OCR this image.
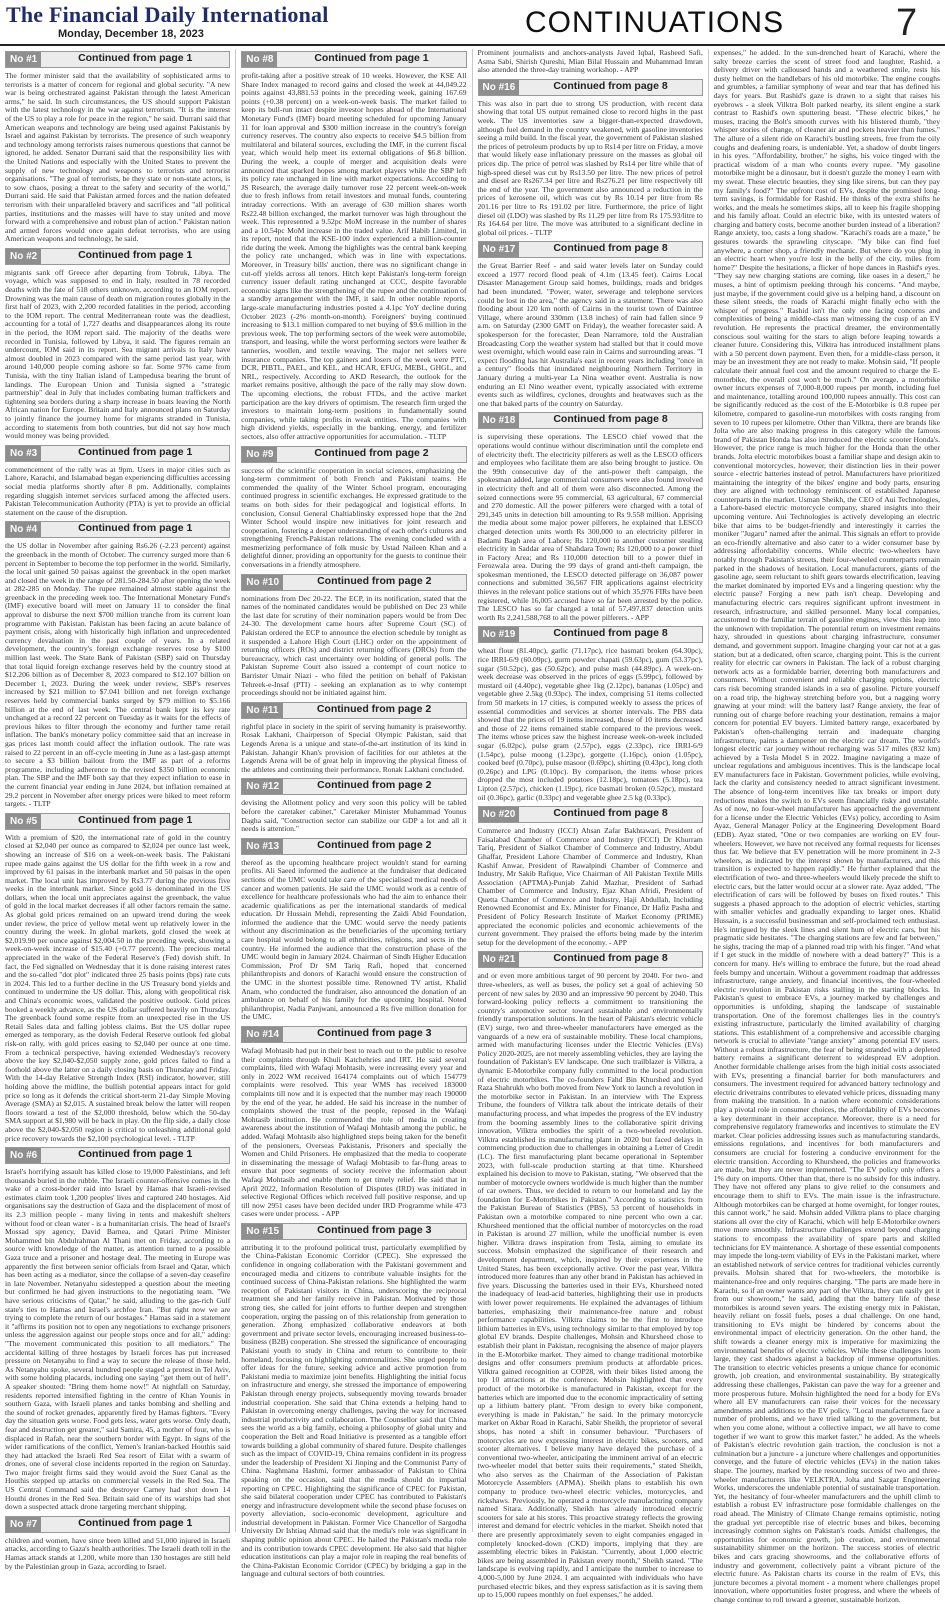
The Financial Daily International
Monday, December 18, 2023	CONTINUATIONS	7
No #1	Continued from page 1

The former minister said that the availability of sophisticated arms to terrorists is a matter of concern for regional and global security. "A new war is being orchestrated against Pakistan through the latest American arms," he said. In such circumstances, the US should support Pakistan with the latest technology in the war against terrorism. "It is the interest of the US to play a role for peace in the region," he said. Durrani said that American weapons and technology are being used against Pakistanis by Israel and against Pakistan by terrorists. The presence of such weaponry and technology among terrorists raises numerous questions that cannot be ignored, he added. Senator Durrani said that the responsibility lies with the United Nations and especially with the United States to prevent the supply of new technology and weapons to terrorists and terrorist organisations. "The goal of terrorists, be they state or non-state actors, is to sow chaos, posing a threat to the safety and security of the world," Durrani said. He said that Pakistan armed forces and the nation defeated terrorism with their unparalleled bravery and sacrifices and "all political parties, institutions and the masses will have to stay united and move forward with a comprehensive and robust plan of action." Pakistan nation and armed forces would once again defeat terrorists, who are using American weapons and technology, he said.

No #2	Continued from page 1

migrants sank off Greece after departing from Tobruk, Libya. The voyage, which was supposed to end in Italy, resulted in 78 recorded deaths with the fate of 518 others unknown, according to an IOM report. Drowning was the main cause of death on migration routes globally in the first half of 2023, with 2,200 recorded fatalities in the period, according to the IOM report. The central Mediterranean route was the deadliest, accounting for a total of 1,727 deaths and disappearances along its route in the period, the IOM report said. The majority of the deaths were recorded in Tunisia, followed by Libya, it said. The figures remain an undercount, IOM said in its report. Sea migrant arrivals to Italy have almost doubled in 2023 compared with the same period last year, with around 140,000 people coming ashore so far. Some 97% came from Tunisia, with the tiny Italian island of Lampedusa bearing the brunt of landings. The European Union and Tunisia signed a "strategic partnership" deal in July that includes combating human traffickers and tightening sea borders during a sharp increase in boats leaving the North African nation for Europe. Britain and Italy announced plans on Saturday to jointly finance the journey home for migrants stranded in Tunisia, according to statements from both countries, but did not say how much would money was being provided.

No #3	Continued from page 1

commencement of the rally was at 9pm. Users in major cities such as Lahore, Karachi, and Islamabad began experiencing difficulties accessing social media platforms shortly after 8 pm. Additionally, complaints regarding sluggish internet services surfaced among the affected users. Pakistan Telecommunication Authority (PTA) is yet to provide an official statement on the cause of the disruption.

No #4	Continued from page 1

the US dollar in November after gaining Rs6.26 (-2.23 percent) against the greenback in the month of October. The currency surged more than 6 percent in September to become the top performer in the world. Similarly, the local unit gained 50 paisas against the greenback in the open market and closed the week in the range of 281.50-284.50 after opening the week at 282-285 on Monday. The rupee remained almost stable against the greenback in the preceding week too. The International Monetary Fund's (IMF) executive board will meet on January 11 to consider the final approval to disburse the next $700 million tranche from its current loan programme with Pakistan. Pakistan has been facing an acute balance of payment crisis, along with historically high inflation and unprecedented currency devaluation in the past couple of years. In a related development, the country's foreign exchange reserves rose by $100 million last week. The State Bank of Pakistan (SBP) said on Thursday that total liquid foreign exchange reserves held by the country stood at $12.206 billion as of December 8, 2023 compared to $12.107 billion on December 1, 2023. During the week under review, SBP's reserves increased by $21 million to $7.041 billion and net foreign exchange reserves held by commercial banks surged by $79 million to $5.166 billion at the end of last week. The central bank kept its key rate unchanged at a record 22 percent on Tuesday as it waits for the effects of previous hikes to filter through the economy and further tame retail inflation. The bank's monetary policy committee said that an increase in gas prices last month could affect the inflation outlook. The rate was raised to 22 percent in an off-cycle meeting in June as a last-gasp attempt to secure a $3 billion bailout from the IMF as part of a reforms programme, including adherence to the revised $350 billion economic plan. The SBP and the IMF both say that they expect inflation to ease in the current financial year ending in June 2024, but inflation remained at 29.2 percent in November after energy prices were hiked to meet reform targets. - TLTP

No #5	Continued from page 1

With a premium of $20, the international rate of gold in the country closed at $2,040 per ounce as compared to $2,024 per ounce last week, showing an increase of $16 on a week-on-week basis. The Pakistani rupee made gains against the US dollar for the fifth week in a row and improved by 61 paisas in the interbank market and 50 paisas in the open market. The local unit has improved by Rs3.77 during the previous five weeks in the interbank market. Since gold is denominated in the US dollars, when the local unit appreciates against the greenback, the value of gold in the local market decreases if all other factors remain the same. As global gold prices remained on an upward trend during the week under review, the price of yellow metal went up relatively lower in the country during the week. In global markets, gold closed the week at $2,019.90 per ounce against $2,004.50 in the preceding week, showing a week-on-week increase of $15.40 (+0.77 percent). The precious metal appreciated in the wake of the Federal Reserve's (Fed) dovish shift. In fact, the Fed signalled on Wednesday that it is done raising interest rates and the so-called "dot plot" indicated three 25 basis points (bps) rate cuts in 2024. This led to a further decline in the US Treasury bond yields and continued to undermine the US dollar. This, along with geopolitical risk and China's economic woes, validated the positive outlook. Gold prices booked a weekly advance, as the US dollar suffered heavily on Thursday. The greenback found some respite from an unexpected rise in the US Retail Sales data and falling jobless claims. But the US dollar rupee emerged as temporary, as the dovish Federal Reserve outlook fed global risk-on rally, with gold prices easing to $2,040 per ounce at one time. From a technical perspective, having extended Wednesday's recovery above the key $2,040-$2,050 supply zone, gold prices failed to find a foothold above the latter on a daily closing basis on Thursday and Friday. With the 14-day Relative Strength Index (RSI) indicator, however, still holding above the midline, the bullish potential appears intact for gold price so long as it defends the critical short-term 21-day Simple Moving Average (SMA) at $2,015. A sustained break below the latter will reopen floors toward a test of the $2,000 threshold, below which the 50-day SMA support at $1,980 will be back in play. On the flip side, a daily close above the $2,040-$2,050 region is critical to unleashing additional gold price recovery towards the $2,100 psychological level. - TLTP

No #6	Continued from page 1

Israel's horrifying assault has killed close to 19,000 Palestinians, and left thousands buried in the rubble. The Israeli counter-offensive comes in the wake of a cross-border raid into Israel by Hamas that Israeli-revised estimates claim took 1,200 peoples' lives and captured 240 hostages. Aid organisations say the destruction of Gaza and the displacement of most of its 2.3 million people - many living in tents and makeshift shelters without food or clean water - is a humanitarian crisis. The head of Israel's Mossad spy agency, David Barnea, and Qatari Prime Minister Mohammed bin Abdulrahman Al Thani met on Friday, according to a source with knowledge of the matter, as attention turned to a possible Gaza truce and a prisoner and hostage deal. The meeting in Europe was apparently the first between senior officials from Israel and Qatar, which has been acting as a mediator, since the collapse of a seven-day ceasefire in late November. Netanyahu sidestepped a question about the meeting but confirmed he had given instructions to the negotiating team. "We have serious criticisms of Qatar," he said, alluding to the gas-rich Gulf state's ties to Hamas and Israel's archfoe Iran. "But right now we are trying to complete the return of our hostages." Hamas said in a statement it "affirms its position not to open any negotiations to exchange prisoners unless the aggression against our people stops once and for all," adding: "The movement communicated this position to all mediators." The accidental killing of three hostages by Israeli forces has put increased pressure on Netanyahu to find a way to secure the release of those held. As Netanyahu spoke, several hundred people staged a protest in Tel Aviv, with some holding placards, including one saying "get them out of hell". A speaker shouted: "Bring them home now!" At nightfall on Saturday, residents reported intensified fighting in the centre of Khan Younis in southern Gaza, with Israeli planes and tanks bombing and shelling and the sound of rocket grenades, apparently fired by Hamas fighters. "Every day the situation gets worse. Food gets less, water gets worse. Only death, fear and destruction get greater," said Samira, 45, a mother of four, who is displaced in Rafah, near the southern border with Egypt. In signs of the wider ramifications of the conflict, Yemen's Iranian-backed Houthis said they had attacked the Israeli Red Sea resort of Eilat with a swarm of drones, one of several close incidents reported in the region on Saturday. Two major freight firms said they would avoid the Suez Canal as the Houthis stepped up attacks on commercial vessels in the Red Sea. The US Central Command said the destroyer Carney had shot down 14 Houthi drones in the Red Sea. Britain said one of its warships had shot down a suspected attack drone targeting merchant shipping.

No #7	Continued from page 1

children and women, have since been killed and 51,000 injured in Israeli attacks, according to Gaza's health authorities. The Israeli death toll in the Hamas attack stands at 1,200, while more than 130 hostages are still held by the Palestinian group in Gaza, according to Israel.

No #8	Continued from page 1

profit-taking after a positive streak of 10 weeks. However, the KSE All Share Index managed to record gains and closed the week at 44,049.22 points against 43,881.53 points in the preceding week, gaining 167.69 points (+0.38 percent) on a week-on-week basis. The market failed to keep its bull-run intact despite investor hopes ahead of the International Monetary Fund's (IMF) board meeting scheduled for upcoming January 11 for loan approval and $300 million increase in the country's foreign currency reserves. The country also expects to receive $4.5 billion from multilateral and bilateral sources, excluding the IMF, in the current fiscal year, which would help meet its external obligations of $6.8 billion. During the week, a couple of merger and acquisition deals were announced that sparked hopes among market players while the SBP left its policy rate unchanged in line with market expectations. According to JS Research, the average daily turnover rose 22 percent week-on-week due to fresh inflows from retail investors and mutual funds, countering intraday corrections. With an average of 630 million shares worth Rs22.48 billion exchanged, the market turnover was high throughout the week. This represented a 9.52pc MoM increase in the number of shares and a 10.54pc MoM increase in the traded value. Arif Habib Limited, in its report, noted that the KSE-100 index experienced a million-counter ride during the week. Among the highlights was the central bank keeping the policy rate unchanged, which was in line with expectations. Moreover, in Treasury bills' auction, there was no significant change in cut-off yields across all tenors. Hitch kept Pakistan's long-term foreign currency issuer default rating unchanged at CCC, despite favorable economic signs like the strengthening of the rupee and the continuation of a standby arrangement with the IMF, it said. In other notable reports, large-scale manufacturing industries posted a 4.1pc YoY decline during October 2023 (-2% month-on-month). Foreigners' buying continued increasing to $13.1 million compared to net buying of $9.6 million in the previous week. The top performing sectors of the week were automobile, transport, and leasing, while the worst performing sectors were leather & tanneries, woollen, and textile weaving. The major net sellers were insurance companies. The top gainers and losers of the week were PTC, DCR, PIBTL, PAEL, and KEL, and HCAR, EFUG, MEBL, GHGL, and NRL, respectively. According to AKD Research, the outlook for the market remains positive, although the pace of the rally may slow down. The upcoming elections, the robust FTDs, and the active market participation are the key drivers of optimism. The research firm urged the investors to maintain long-term positions in fundamentally sound companies, while taking profits in weak entities. The companies with high dividend yields, especially in the banking, energy, and fertilizer sectors, also offer attractive opportunities for accumulation. - TLTP

No #9	Continued from page 2

success of the scientific cooperation in social sciences, emphasizing the long-term commitment of both French and Pakistani teams. He commended the quality of the Winter School program, encouraging continued progress in scientific exchanges. He expressed gratitude to the teams on both sides for their pedagogical and logistical efforts. In conclusion, Consul General Chaltiablinsky expressed hope that the 2nd Winter School would inspire new initiatives for joint research and cooperation, fostering a deeper understanding of each other's cultures and strengthening French-Pakistan relations. The evening concluded with a mesmerizing performance of folk music by Ustad Naileen Khan and a delightful dinner, providing an opportunity for the guests to continue their conversations in a friendly atmosphere.

No #10	Continued from page 2

nominations from Dec 20-22. The ECP, in its notification, stated that the names of the nominated candidates would be published on Dec 23 while the last date for scrutiny of their nomination papers would be from Dec 24-30. The development came hours after Supreme Court (SC) of Pakistan ordered the ECP to announce the election schedule by tonight as it suspended a Lahore High Court (LHC) order on the appointment of returning officers (ROs) and district returning officers (DROs) from the bureaucracy, which cast uncertainty over holding of general polls. The Pakistan Supreme Court also issued a contempt of court notice to Barrister Umair Niazi - who filed the petition on behalf of Pakistan Tehreek-e-Insaf (PTI) - seeking an explanation as to why contempt proceedings should not be initiated against him.

No #11	Continued from page 2

rightful place in society in the spirit of serving humanity is praiseworthy. Rosak Lakhani, Chairperson of Special Olympic Pakistan, said that Legends Arena is a unique and state-of-the-art institution of its kind in Pakistan. Jahangir Khan's provision of facilities for our athletes at the Legends Arena will be of great help in improving the physical fitness of the athletes and continuing their performance, Ronak Lakhani concluded.

No #12	Continued from page 2

devising the Allotment policy and very soon this policy will be tabled before the caretaker cabinet," Caretaker Minister Muhammad Younus Dagha said, "Construction sector can stabilize our GDP a lot and all it needs is attention."

No #13	Continued from page 2

thereof as the upcoming healthcare project wouldn't stand for earning profits. Ali Saeed informed the audience at the fundraiser that dedicated sections of the UMC would take care of the specialised medical needs of cancer and women patients. He said the UMC would work as a centre of excellence for healthcare professionals who had the aim to enhance their academic qualifications as per the international standards of medical education. Dr Hussain Mehdi, representing the Zaidi Abid Foundation, informed the audience that the UMC would serve the needy patients without any discrimination as the beneficiaries of the upcoming tertiary care hospital would belong to all ethnicities, religions, and sects in the country. He informed the audience that the construction phase of the UMC would begin in January 2024. Chairman of Sindh Higher Education Commission, Prof Dr SM Tariq Rafi, hoped that concerned philanthropists and donors of Karachi would ensure the construction of the UMC in the shortest possible time. Renowned TV artist, Khalid Anam, who conducted the fundraiser, also announced the donation of an ambulance on behalf of his family for the upcoming hospital. Noted philanthropist, Nadia Panjwani, announced a Rs five million donation for the UMC.

No #14	Continued from page 3

Wafaqi Mohtasib had put in their best to reach out to the public to resolve their complaints through Khuli Katchehries and IRT. He said several complaints, filed with Wafaqi Mohtasib, were increasing every year and only in 2022 WM received 164174 complaints out of which 154779 complaints were resolved. This year WMS has received 183000 complaints till now and it is expected that the number may reach 190000 by the end of the year, he added. He said his increase in the number of complaints showed the trust of the people, reposed in the Wafaqi Mohtasib institution. He commended the role of media in creating awareness about the institution of Wafaqi Mohtasib among the public, he added. Wafaqi Mohtasib also highlighted steps being taken for the benefit of the pensioners, Overseas Pakistanis, Prisoners and specially the Women and Child Prisoners. He emphasized that the media to cooperate in disseminating the message of Wafaqi Mohtasib to far-flung areas to ensure that poor segments of society receive the information about Wafaqi Mohtasib and enable them to get timely relief. He said that in April 2022, Information Resolution of Disputes (IRD) was initiated in selective Regional Offices which received full positive response, and up till now 2951 cases have been decided under IRD Programme while 473 cases were under process. - APP

No #15	Continued from page 3

attributing it to the profound political trust, particularly exemplified by the China-Pakistan Economic Corridor (CPEC). She expressed the confidence in ongoing collaboration with the Pakistani government and encouraged media and citizens to contribute valuable insights for the continued success of China-Pakistan relations. She highlighted the warm reception of Pakistani visitors in China, underscoring the reciprocal treatment she and her family receive in Pakistan. Motivated by those strong ties, she called for joint efforts to further deepen and strengthen cooperation, urging the passing on of this relationship from generation to generation. Zhong emphasized collaborative endeavors at both government and private sector levels, encouraging increased business-to-business (B2B) cooperation. She stressed the significance of encouraging Pakistani youth to study in China and return to contribute to their homeland, focusing on highlighting commonalities. She urged people to offer ideas for the future, seeking advice and active promotion from Pakistani media to maximize joint benefits. Highlighting the initial focus on infrastructure and energy, she stressed the importance of empowering Pakistan through energy projects, subsequently moving towards broader industrial cooperation. She said that China extends a helping hand to Pakistan in overcoming energy challenges, paving the way for increased industrial productivity and collaboration. The Counsellor said that China sees the world as a big family, echoing a philosophy of global unity and cooperation the Belt and Road Initiative is presented as a tangible effort towards building a global community of shared future. Despite challenges such as the impact of COVID-19, China remains confident in its progress under the leadership of President Xi Jinping and the Communist Party of China. Naghmana Hashmi, former ambassador of Pakistan to China speaking on the occasion, said that the media should do impartial reporting on CPEC. Highlighting the significance of CPEC for Pakistan, she said bilateral cooperation under CPEC has contributed to Pakistan's energy and infrastructure development while the second phase focuses on poverty alleviation, socio-economic development, agriculture and industrial development in Pakistan. Former Vice Chancellor of Sargodha University Dr Ishtiaq Ahmad said that the media's role was significant in shaping public opinion about CPEC. He hailed the Pakistan's media role and its contribution towards CPEC development. He also said that higher education institutions can play a major role in reaping the real benefits of the China-Pakistan Economic Corridor (CPEC) by bridging a gap in the language and cultural sectors of both countries.

Prominent journalists and anchors-analysts Javed Iqbal, Rasheed Safi, Asma Sabi, Shirish Qureshi, Mian Bilal Hussain and Muhammad Imran also attended the three-day training workshop. - APP

No #16	Continued from page 8

This was also in part due to strong US production, with recent data showing that total US output remained close to record highs in the past week. The US inventories saw a bigger-than-expected drawdown, although fuel demand in the country weakened, with gasoline inventories seeing a mild build. In the fiscal year, the government of Pakistan slashed the prices of petroleum products by up to Rs14 per litre on Friday, a move that would likely ease inflationary pressure on the masses as global oil prices dip. The price of petrol was slashed by Rs14 per litre while that of high-speed diesel was cut by Rs13.50 per litre. The new prices of petrol and diesel are Rs267.34 per litre and Rs276.21 per litre respectively till the end of the year. The government also announced a reduction in the prices of kerosene oil, which was cut by Rs 10.14 per litre from Rs 201.16 per litre to Rs 191.02 per litre. Furthermore, the price of light diesel oil (LDO) was slashed by Rs 11.29 per litre from Rs 175.93/litre to Rs 164.64 per litre. The move was attributed to a significant decline in global oil prices. - TLTP

No #17	Continued from page 8

the Great Barrier Reef - and said water levels later on Sunday could exceed a 1977 record flood peak of 4.1m (13.45 feet). Cairns Local Disaster Management Group said homes, buildings, roads and bridges had been inundated. "Power, water, sewerage and telephone services could be lost in the area," the agency said in a statement. There was also flooding about 120 km north of Cairns in the tourist town of Daintree Village, where around 330mm (13.8 inches) of rain had fallen since 9 a.m. on Saturday (2300 GMT on Friday), the weather forecaster said. A spokesperson for the forecaster, Dean Narramore, told the Australian Broadcasting Corp the weather system had stalled but that it could move west overnight, which would ease rain in Cairns and surrounding areas. "I expect flooding has hit Australia's east in recent years including "once in a century" floods that inundated neighbouring Northern Territory in January during a multi-year La Nina weather event. Australia is now enduring an El Nino weather event, typically associated with extreme events such as wildfires, cyclones, droughts and heatwaves such as the one that baked parts of the country on Saturday.

No #18	Continued from page 8

is supervising these operations. The LESCO chief vowed that the operations would continue without discrimination until the complete end of electricity theft. The electricity pilferers as well as the LESCO officers and employees who facilitate them are also being brought to justice. On the 99th consecutive day of the anti-power theft campaign, the spokesman added, large commercial consumers were also found involved in electricity theft and all of them were also disconnected. Among the seized connections were 95 commercial, 63 agricultural, 67 commercial and 270 domestic. All the power pilferers were charged with a total of 291,345 units in detection bill amounting to Rs 9.558 million. Apprising the media about some major power pilferers, he explained that LESCO charged detection units worth Rs 300,000 to an electricity pilferer in Badami Bagh area of Lahore; Rs 120,000 to another customer stealing electricity in Saddar area of Shahdara Town; Rs 120,000 to a power thief in Factory Area; and Rs 110,000 detection bill to a power thief in Ferozwala area. During the 99 days of grand anti-theft campaign, the spokesman mentioned, the LESCO detected pilferage on 36,087 power connections and submitted 36,567 FIR applications against electricity thieves in the relevant police stations out of which 35,976 FIRs have been registered, while 16,005 accused have so far been arrested by the police. The LESCO has so far charged a total of 57,497,837 detection units worth Rs 2,241,588,768 to all the power pilferers. - APP

No #19	Continued from page 8

wheat flour (81.40pc), garlic (71.17pc), rice basmati broken (64.30pc), rice IRRI-6/9 (60.09pc), gurm powder chapati (59.63pc), gum (53.37pc), sugar (50.52pc), gas (50.62pc), and pulse mash (44.89pc). A week-on-week decrease was observed in the prices of eggs (5.99pc), followed by mustard oil (4.40pc), vegetable ghee 1kg (2.12pc), bananas (1.05pc) and vegetable ghee 2.5kg (0.93pc). The index, comprising 51 items collected from 50 markets in 17 cities, is computed weekly to assess the prices of essential commodities and services at shorter intervals. The PBS data showed that the prices of 19 items increased, those of 10 items decreased and those of 22 items remained stable compared to the previous week. The items whose prices saw the highest increase week-on-week included sugar (6.02pc), pulse gram (2.57pc), eggs (2.33pc), rice IRRI-6/9 (1.54pc), pulse moong (1.23pc), gorgette (1.16pc), onion (1.05pc), cooked beef (0.70pc), pulse masoor (0.69pc), shirting (0.43pc), long cloth (0.26pc) and LPG (0.10pc). By comparison, the items whose prices dropped the most included potatoes (12.18pc), tomatoes (5.18pc), tea Lipton (2.57pc), chicken (1.19pc), rice basmati broken (0.52pc), mustard oil (0.36pc), garlic (0.33pc) and vegetable ghee 2.5 kg (0.33pc).

No #20	Continued from page 8

Commerce and Industry (ICCI) Ahsan Zafar Bakhtawari, President of Faisalabad Chamber of Commerce and Industry (FCCI) Dr Khurram Tariq, President of Sialkot Chamber of Commerce and Industry, Abdul Ghaffar, President Lahore Chamber of Commerce and Industry, Khan Kashif Anwar, President of Rawalpindi Chamber of Commerce and Industry, Mr Sakib Rafique, Vice Chairman of All Pakistan Textile Mills Association (APTMA)-Punjab Zahid Mazhar, President of Sarhad Chamber of Commerce and Industry, Ejaz Khan Afridi, President of Quetta Chamber of Commerce and Industry, Haji Abdullah, Including Renowned Economist and Ex. Minister for Finance, Dr Hafiz Pasha and President of Policy Research Institute of Market Economy (PRIME) appreciated the economic policies and economic achievements of the current government. They praised the efforts being made by the interim setup for the development of the economy. - APP

No #21	Continued from page 8

and or even more ambitious target of 90 percent by 2040. For two- and three-wheelers, as well as buses, the policy set a goal of achieving 50 percent of new sales by 2030 and an impressive 90 percent by 2040. This forward-looking policy reflects a commitment to transitioning the country's automotive sector toward sustainable and environmentally friendly transportation solutions. In the heart of Pakistan's electric vehicle (EV) surge, two and three-wheeler manufacturers have emerged as the vanguards of a new era of sustainable mobility. These local champions, armed with manufacturing licenses under the Electric Vehicles (EVs) Policy 2020-2025, are not merely assembling vehicles, they are laying the foundation of Pakistan's EV landscape. One such trailblazer is Vilktra, a dynamic E-Motorbike company fully committed to the local production of electric motorbikes. The co-founders Fahd Bin Khurshed and Syed Raza Shahrukh who both moved from New York to launch a revolution in the motorbike sector in Pakistan. In an interview with The Express Tribune, the founders of Vilktra talk about the intricate details of their manufacturing process, and what impedes the progress of the EV industry from the booming assembly lines to the collaborative spirit driving innovation, Vilktra embodies the spirit of a two-wheeled revolution. Vilktra established its manufacturing plant in 2020 but faced delays in commencing production due to challenges in obtaining a Letter of Credit (LC). The first manufacturing plant became operational in September 2023, with full-scale production starting at that time. Khursheed explained his decision to move to Pakistan, stating, "We observed that the number of motorcycle owners worldwide is much higher than the number of car owners. Thus, we decided to return to our homeland and lay the foundation for E-Motorbikes in Pakistan." According to statistics from the Pakistan Bureau of Statistics (PBS), 53 percent of households in Pakistan own a motorbike compared to nine percent who own a car. Khursheed mentioned that the official number of motorcycles on the road in Pakistan is around 27 million, while the unofficial number is even higher. Vilktra draws inspiration from Tesla, aiming to emulate its success. Mohsin emphasized the significance of their research and development department, which, inspired by their experiences in the United States, has been exceptionally active. Over the past year, Vilktra introduced more features than any other brand in Pakistan has achieved in five years. Discussing the batteries used in their EVs, Khursheed noted the inadequacy of lead-acid batteries, highlighting their use in products with lower power requirements. He explained the advantages of lithium batteries, emphasizing their maintenance-free nature and robust performance capabilities. Vilktra claims to be the first to introduce lithium batteries in EVs, using technology similar to that employed by top global EV brands. Despite challenges, Mohsin and Khursheed chose to establish their plant in Pakistan, recognising the absence of major players in the E-Motorbike market. They aimed to change traditional motorbike designs and offer consumers premium products at affordable prices. Vilktra gained recognition at COP28, with their bikes listed among the top 10 attractions at the conference. Mohsin highlighted that every product of the motorbike is manufactured in Pakistan, except for the batteries which are imported due to the economic impracticality of setting up a lithium battery plant. "From design to every bike component, everything is made in Pakistan," he said. In the primary motorcycle market on Akbar Road in Karachi, Sabir Sheikh, the proprietor of several shops, has noted a shift in consumer behaviour. "Purchasers of motorcycles are now expressing interest in electric bikes, scooters, and scooter alternatives. I believe many have delayed the purchase of a conventional two-wheeler, anticipating the imminent arrival of an electric two-wheeler model that better suits their requirements," stated Sheikh, who also serves as the Chairman of the Association of Pakistan Motorcycle Assemblers (APMA). Sheikh plans to establish his own company to produce two-wheel electric vehicles, motorcycles, and rickshaws. Previously, he operated a motorcycle manufacturing company named Sitara. Additionally, Sheikh has already introduced electric scooters for sale at his stores. This proactive strategy reflects the growing interest and demand for electric vehicles in the market. Sheikh noted that there are presently approximately seven to eight companies engaged in completely knocked-down (CKD) imports, implying that they are assembling electric bikes in Pakistan. "Currently, about 1,000 electric bikes are being assembled in Pakistan every month," Sheikh stated. "The landscape is evolving rapidly, and I anticipate the number to increase to 4,000-5,000 by June 2024. I am acquainted with individuals who have purchased electric bikes, and they express satisfaction as it is saving them up to 15,000 rupees monthly on fuel expenses," he added.

expenses," he added. In the sun-drenched heart of Karachi, where the salty breeze carries the scent of street food and laughter, Rashid, a delivery driver with calloused hands and a weathered smile, rests his dusty helmet on the handlebars of his old motorbike. The engine coughs and grumbles, a familiar symphony of wear and tear that has defined his days for years. But Rashid's gaze is drawn to a sight that raises his eyebrows - a sleek Vilktra Bolt parked nearby, its silent engine a stark contrast to Rashid's own sputtering beast. "These electric bikes," he muses, tracing the Bolt's smooth curves with his blistered thumb, "they whisper stories of change, of cleaner air and pockets heavier than fumes." The allure of a silent ride on Karachi's bustling streets, free from the oily coughs and deafening roars, is undeniable. Yet, a shadow of doubt lingers in his eyes. "Affordability, brother," he sighs, his voice tinged with the practical wisdom of a man who counts every rupee. "My gasoline motorbike might be a dinosaur, but it doesn't guzzle the money I earn with my sweat. These electric beauties, they sing like sirens, but can they pay my family's food?" The upfront cost of EVs, despite the promised long-term savings, is formidable for Rashid. He thinks of the extra shifts he works, and the meals he sometimes skips, all to keep his fragile shopping and his family afloat. Could an electric bike, with its untested waters of charging and battery costs, become another burden instead of a liberation? Range anxiety, too, casts a long shadow. "Karachi's roads are a maze," he gestures towards the sprawling cityscape. "My bike can find fuel anywhere, a corner shop, a friendly mechanic. But where do you plug in an electric heart when you're lost in the belly of the city, miles from home?" Despite the hesitations, a flicker of hope dances in Rashid's eyes. "They say new charging stations are coming, like oases in a desert," he muses, a hint of optimism peeking through his concerns. "And maybe, just maybe, if the government could give us a helping hand, a discount on these silent steeds, the roads of Karachi might finally echo with the whisper of progress." Rashid isn't the only one facing concerns and complexities of being a middle-class man witnessing the cusp of an EV revolution. He represents the practical dreamer, the environmentally conscious soul waiting for the stars to align before leaping towards a cleaner future. Considering this, Vilktra has introduced installment plans with a 50 percent down payment. Even then, for a middle-class person, it may be an investment they are not ready to make. Mohsin said, "If people calculate their annual fuel cost and the amount required to charge the E-motorbike, the overall cost won't be much." On average, a motorbike owner incurs expenses of 7,000-8,000 rupees per month, including fuel and maintenance, totalling around 100,000 rupees annually. This cost can be significantly reduced as the cost of the E-Motorbike is 0.8 rupee per kilometre, compared to gasoline-run motorbikes with costs ranging from seven to 10 rupees per kilometre. Other than Vilktra, there are brands like Jolta who are also making progress in this category while the famous brand of Pakistan Honda has also introduced the electric scooter Honda's. However, the price range is much higher for the Honda than the other brands. Jolta electric motorbikes boast a familiar shape and design akin to conventional motorcycles, however, their distinction lies in their power source - electric batteries instead of petrol. Manufacturers have prioritized maintaining the integrity of the bikes' engine and body parts, ensuring they are aligned with technology reminiscent of established Japanese counterparts in the market. Usman Sheikh, the CEO of Aui Technologies, a Lahore-based electric motorcycle company, shared insights into their upcoming venture. Aui Technologies is actively developing an electric bike that aims to be budget-friendly and interestingly it carries the moniker "Jugaru" named after the animal. This signals an effort to provide an eco-friendly alternative and also cater to a wider consumer base by addressing affordability concerns. While electric two-wheelers have notably through Pakistan's streets, their four-wheeled counterparts remain parked in the shadows of hesitation. Local manufacturers, giants of the gasoline age, seem reluctant to shift gears towards electrification, leaving the market dominated by imported EVs and a lingering question: why the electric pause? Forging a new path isn't cheap. Developing and manufacturing electric cars requires significant upfront investment in research, infrastructure, and skilled personnel. Many local companies, accustomed to the familiar terrain of gasoline engines, view this leap into the unknown with trepidation. The potential return on investment remains hazy, shrouded in questions about charging infrastructure, consumer demand, and government support. Imagine charging your car not at a gas station, but at a dedicated, often scarce, charging point. This is the current reality for electric car owners in Pakistan. The lack of a robust charging network acts as a formidable barrier, deterring both manufacturers and consumers. Without convenient and reliable charging options, electric cars risk becoming stranded islands in a sea of gasoline. Picture yourself on a road trip, the highway stretching before you, but a nagging worry gnawing at your mind: will the battery last? Range anxiety, the fear of running out of charge before reaching your destination, remains a major concern for potential EV buyers. Limited battery range, exacerbated by Pakistan's often-challenging terrain and inadequate charging infrastructure, paints a dampener on the electric car dream. The world's longest electric car journey without recharging was 517 miles (832 km) achieved by a Tesla Model S in 2022. Imagine navigating a maze of unclear regulations and ambiguous incentives. This is the landscape local EV manufacturers face in Pakistan. Government policies, while evolving, lack the clarity and consistency needed to attract significant investment. The absence of long-term incentives like tax breaks or import duty reductions makes the switch to EVs seem financially risky and unstable. As of now, no four-wheel manufacturer has approached the government for a license under the Electric Vehicles (EVs) policy, according to Asim Ayaz, General Manager Policy at the Engineering Development Board (EDB). Ayaz stated, "One or two companies are working on EV four-wheelers. However, we have not received any formal requests for licenses thus far. We believe that EV penetration will be more prominent in 2-3 wheelers, as indicated by the interest shown by manufacturers, and this transition is expected to happen rapidly." He further explained that the electrification of two- and three-wheelers would likely precede the shift to electric cars, but the latter would occur at a slower rate. Ayaz added, "The electrification of cars will be followed by buses on fixed routes." This suggests a phased approach to the adoption of electric vehicles, starting with smaller vehicles and gradually expanding to larger ones. Khalid Hussain, is a successful businessman and self-proclaimed tech enthusiast. He's intrigued by the sleek lines and silent hum of electric cars, but his pragmatic side hesitates. "The charging stations are few and far between," he sighs, tracing the map of a planned road trip with his finger. "And what if I get stuck in the middle of nowhere with a dead battery?" This is a concern for many. He's willing to embrace the future, but the road ahead feels bumpy and uncertain. Without a government roadmap that addresses infrastructure, range anxiety, and financial incentives, the four-wheeled electric revolution in Pakistan risks stalling in the starting blocks. In Pakistan's quest to embrace EVs, a journey marked by challenges and opportunities is unfolding, shaping the landscape of sustainable transportation. One of the foremost challenges lies in the country's existing infrastructure, particularly the limited availability of charging stations. This establishment of a comprehensive and accessible charging network is crucial to alleviate "range anxiety" among potential EV users. Without a robust infrastructure, the fear of being stranded with a depleted battery remains a significant deterrent to widespread EV adoption. Another formidable challenge arises from the high initial costs associated with EVs, presenting a financial barrier for both manufacturers and consumers. The investment required for advanced battery technology and electric drivetrains contributes to elevated vehicle prices, dissuading many from making the transition. In a nation where economic considerations play a pivotal role in consumer choices, the affordability of EVs becomes a key determinant in their acceptance. Moreover, there is a need for comprehensive regulatory frameworks and incentives to stimulate the EV market. Clear policies addressing issues such as manufacturing standards, emissions regulations, and incentives for both manufacturers and consumers are crucial for fostering a conducive environment for the electric transition. According to Khursheed, the policies and frameworks are made, but they are never implemented. "The EV policy only offers a 1% duty on imports. Other than that, there is no subsidy for this industry. They have not offered any plans to give relief to the consumers and encourage them to shift to EVs. The main issue is the infrastructure. Although motorbikes can be charged at home overnight, for longer routes, this cannot work," he said. Mohsin added Vilktra plans to place charging stations all over the city of Karachi, which will help E-Motorbike owners move more smoothly. Infrastructure challenges extend beyond charging stations to encompass the availability of spare parts and skilled technicians for EV maintenance. A shortage of these essential components may impede the long-term viability of EVs in the Pakistani market, where an established network of service centres for traditional vehicles currently prevails. Mohsin shared that for two-wheelers, the motorbike is maintenance-free and only requires charging. "The parts are made here in Karachi, so if an owner wants any part of the Vilktra, they can easily get it from our showroom," he said, adding that the battery life of these motorbikes is around seven years. The existing energy mix in Pakistan, heavily reliant on fossil fuels, poses a dual challenge. On one hand, transitioning to EVs might be hindered by concerns about the environmental impact of electricity generation. On the other hand, the shift towards a cleaner energy mix is imperative for maximizing the environmental benefits of electric vehicles. While these challenges loom large, they cast shadows against a backdrop of immense opportunities. The transition to electric vehicles presents a unique chance for economic growth, job creation, and environmental sustainability. By strategically addressing these challenges, Pakistan can pave the way for a greener and more prosperous future. Mohsin highlighted the need for a body for EVs where all EV manufacturers can raise their voices for the necessary amendments and additions to the EV policy. "Local manufacturers face a number of problems, and we have tried talking to the government, but when you come alone, without a collective impact, we all have to come together if we want to grow this market faster," he added. As the wheels of Pakistan's electric revolution gain traction, the conclusion is not a culmination but a juncture - a juncture where challenges and opportunities converge, and the future of electric vehicles (EVs) in the nation takes shape. The journey, marked by the resounding success of two and three-wheeler manufacturers like VELKTRA, Jolta and Sazgar Engineering Works, underscores the undeniable potential of sustainable transportation. Yet, the hesitancy of four-wheeler manufacturers and the uphill climb to establish a robust EV infrastructure pose formidable challenges on the road ahead. The Ministry of Climate Change remains optimistic, noting the gradual yet perceptible rise of electric buses and bikes, becoming increasingly common sights on Pakistan's roads. Amidst challenges, the opportunities for economic growth, job creation, and environmental sustainability shimmer on the horizon. The success stories of electric bikes and cars gracing showrooms, and the collaborative efforts of industry and government, collectively paint a vibrant picture of the electric future. As Pakistan charts its course in the realm of EVs, this juncture becomes a pivotal moment - a moment where challenges propel innovation, where opportunities foster progress, and where the wheels of change continue to roll toward a greener, sustainable horizon.
